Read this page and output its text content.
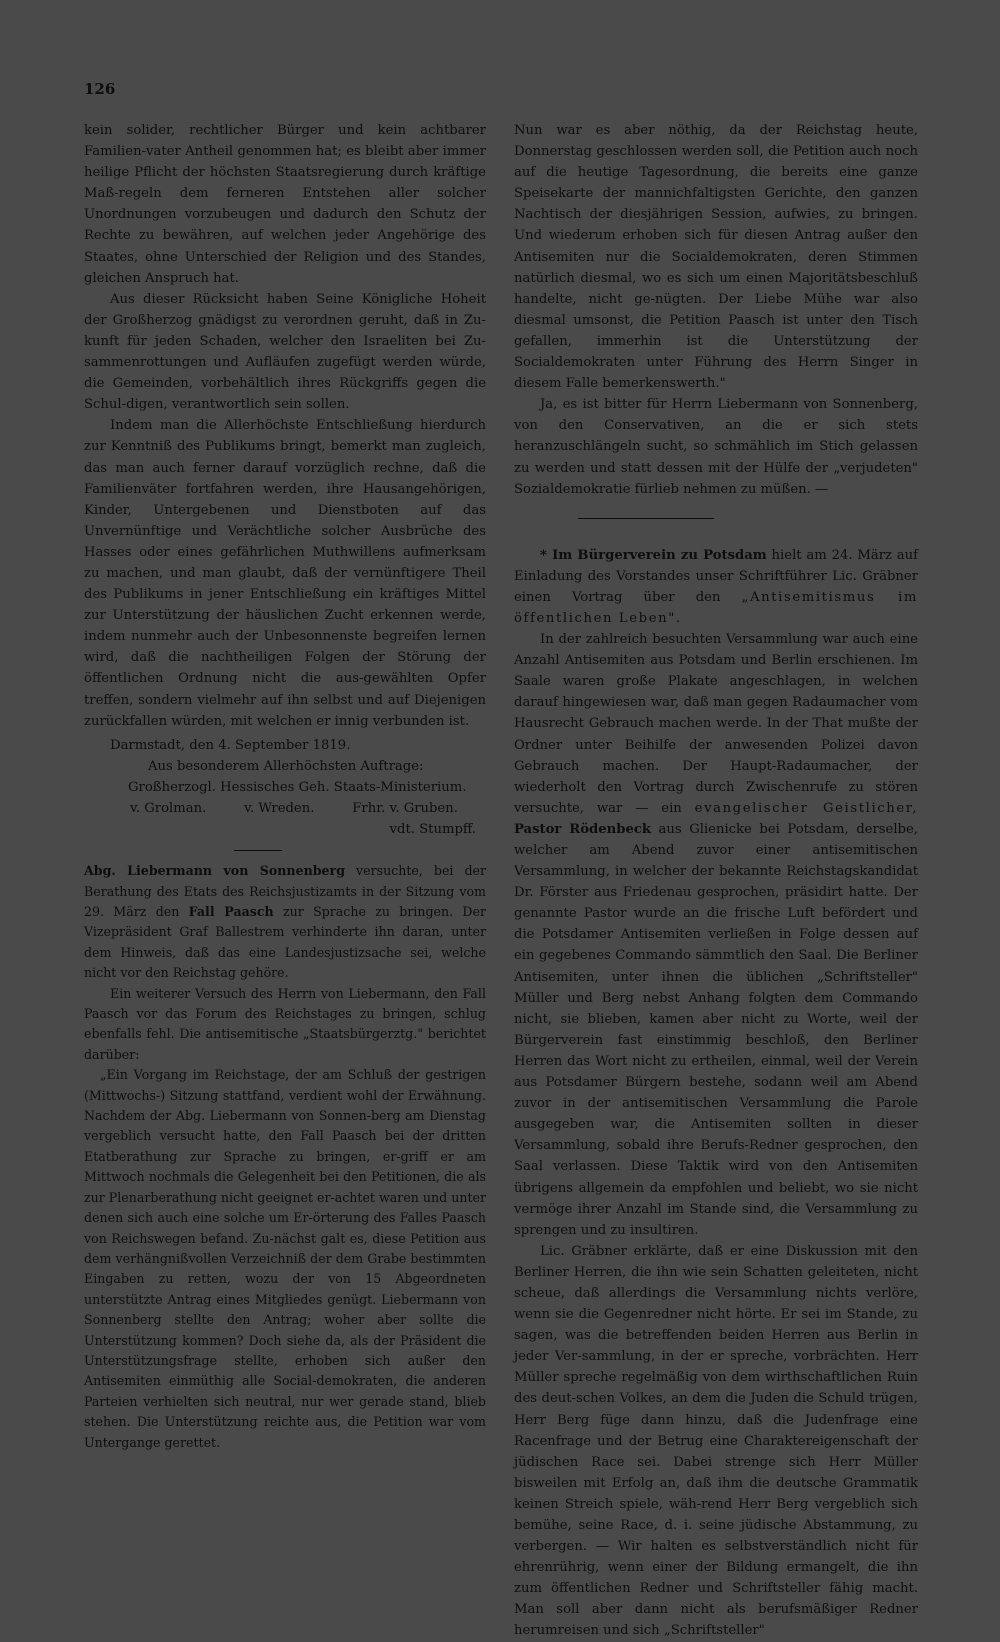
126

kein solider, rechtlicher Bürger und kein achtbarer Familien-vater Antheil genommen hat; es bleibt aber immer heilige Pflicht der höchsten Staatsregierung durch kräftige Maß-regeln dem ferneren Entstehen aller solcher Unordnungen vorzubeugen und dadurch den Schutz der Rechte zu bewähren, auf welchen jeder Angehörige des Staates, ohne Unterschied der Religion und des Standes, gleichen Anspruch hat.

Aus dieser Rücksicht haben Seine Königliche Hoheit der Großherzog gnädigst zu verordnen geruht, daß in Zu-kunft für jeden Schaden, welcher den Israeliten bei Zu-sammenrottungen und Aufläufen zugefügt werden würde, die Gemeinden, vorbehältlich ihres Rückgriffs gegen die Schul-digen, verantwortlich sein sollen.

Indem man die Allerhöchste Entschließung hierdurch zur Kenntniß des Publikums bringt, bemerkt man zugleich, das man auch ferner darauf vorzüglich rechne, daß die Familienväter fortfahren werden, ihre Hausangehörigen, Kinder, Untergebenen und Dienstboten auf das Unvernünftige und Verächtliche solcher Ausbrüche des Hasses oder eines gefährlichen Muthwillens aufmerksam zu machen, und man glaubt, daß der vernünftigere Theil des Publikums in jener Entschließung ein kräftiges Mittel zur Unterstützung der häuslichen Zucht erkennen werde, indem nunmehr auch der Unbesonnenste begreifen lernen wird, daß die nachtheiligen Folgen der Störung der öffentlichen Ordnung nicht die aus-gewählten Opfer treffen, sondern vielmehr auf ihn selbst und auf Diejenigen zurückfallen würden, mit welchen er innig verbunden ist.

Darmstadt, den 4. September 1819.

Aus besonderem Allerhöchsten Auftrage:

Großherzogl. Hessisches Geh. Staats-Ministerium.

v. Grolman.	v. Wreden.	Frhr. v. Gruben.

vdt. Stumpff.

Abg. Liebermann von Sonnenberg versuchte, bei der Berathung des Etats des Reichsjustizamts in der Sitzung vom 29. März den Fall Paasch zur Sprache zu bringen. Der Vizepräsident Graf Ballestrem verhinderte ihn daran, unter dem Hinweis, daß das eine Landesjustizsache sei, welche nicht vor den Reichstag gehöre.

Ein weiterer Versuch des Herrn von Liebermann, den Fall Paasch vor das Forum des Reichstages zu bringen, schlug ebenfalls fehl. Die antisemitische „Staatsbürgerztg." berichtet darüber:

„Ein Vorgang im Reichstage, der am Schluß der gestrigen (Mittwochs-) Sitzung stattfand, verdient wohl der Erwähnung. Nachdem der Abg. Liebermann von Sonnen-berg am Dienstag vergeblich versucht hatte, den Fall Paasch bei der dritten Etatberathung zur Sprache zu bringen, er-griff er am Mittwoch nochmals die Gelegenheit bei den Petitionen, die als zur Plenarberathung nicht geeignet er-achtet waren und unter denen sich auch eine solche um Er-örterung des Falles Paasch von Reichswegen befand. Zu-nächst galt es, diese Petition aus dem verhängnißvollen Verzeichniß der dem Grabe bestimmten Eingaben zu retten, wozu der von 15 Abgeordneten unterstützte Antrag eines Mitgliedes genügt. Liebermann von Sonnenberg stellte den Antrag; woher aber sollte die Unterstützung kommen? Doch siehe da, als der Präsident die Unterstützungsfrage stellte, erhoben sich außer den Antisemiten einmüthig alle Social-demokraten, die anderen Parteien verhielten sich neutral, nur wer gerade stand, blieb stehen. Die Unterstützung reichte aus, die Petition war vom Untergange gerettet.

Nun war es aber nöthig, da der Reichstag heute, Donnerstag geschlossen werden soll, die Petition auch noch auf die heutige Tagesordnung, die bereits eine ganze Speisekarte der mannichfaltigsten Gerichte, den ganzen Nachtisch der diesjährigen Session, aufwies, zu bringen. Und wiederum erhoben sich für diesen Antrag außer den Antisemiten nur die Socialdemokraten, deren Stimmen natürlich diesmal, wo es sich um einen Majoritätsbeschluß handelte, nicht ge-nügten. Der Liebe Mühe war also diesmal umsonst, die Petition Paasch ist unter den Tisch gefallen, immerhin ist die Unterstützung der Socialdemokraten unter Führung des Herrn Singer in diesem Falle bemerkenswerth."

Ja, es ist bitter für Herrn Liebermann von Sonnenberg, von den Conservativen, an die er sich stets heranzuschlängeln sucht, so schmählich im Stich gelassen zu werden und statt dessen mit der Hülfe der „verjudeten" Sozialdemokratie fürlieb nehmen zu müßen. —

* Im Bürgerverein zu Potsdam hielt am 24. März auf Einladung des Vorstandes unser Schriftführer Lic. Gräbner einen Vortrag über den „Antisemitismus im öffentlichen Leben".

In der zahlreich besuchten Versammlung war auch eine Anzahl Antisemiten aus Potsdam und Berlin erschienen. Im Saale waren große Plakate angeschlagen, in welchen darauf hingewiesen war, daß man gegen Radaumacher vom Hausrecht Gebrauch machen werde. In der That mußte der Ordner unter Beihilfe der anwesenden Polizei davon Gebrauch machen. Der Haupt-Radaumacher, der wiederholt den Vortrag durch Zwischenrufe zu stören versuchte, war — ein evangelischer Geistlicher, Pastor Rödenbeck aus Glienicke bei Potsdam, derselbe, welcher am Abend zuvor einer antisemitischen Versammlung, in welcher der bekannte Reichstagskandidat Dr. Förster aus Friedenau gesprochen, präsidirt hatte. Der genannte Pastor wurde an die frische Luft befördert und die Potsdamer Antisemiten verließen in Folge dessen auf ein gegebenes Commando sämmtlich den Saal. Die Berliner Antisemiten, unter ihnen die üblichen „Schriftsteller" Müller und Berg nebst Anhang folgten dem Commando nicht, sie blieben, kamen aber nicht zu Worte, weil der Bürgerverein fast einstimmig beschloß, den Berliner Herren das Wort nicht zu ertheilen, einmal, weil der Verein aus Potsdamer Bürgern bestehe, sodann weil am Abend zuvor in der antisemitischen Versammlung die Parole ausgegeben war, die Antisemiten sollten in dieser Versammlung, sobald ihre Berufs-Redner gesprochen, den Saal verlassen. Diese Taktik wird von den Antisemiten übrigens allgemein da empfohlen und beliebt, wo sie nicht vermöge ihrer Anzahl im Stande sind, die Versammlung zu sprengen und zu insultiren.

Lic. Gräbner erklärte, daß er eine Diskussion mit den Berliner Herren, die ihn wie sein Schatten geleiteten, nicht scheue, daß allerdings die Versammlung nichts verlöre, wenn sie die Gegenredner nicht hörte. Er sei im Stande, zu sagen, was die betreffenden beiden Herren aus Berlin in jeder Ver-sammlung, in der er spreche, vorbrächten. Herr Müller spreche regelmäßig von dem wirthschaftlichen Ruin des deut-schen Volkes, an dem die Juden die Schuld trügen, Herr Berg füge dann hinzu, daß die Judenfrage eine Racenfrage und der Betrug eine Charaktereigenschaft der jüdischen Race sei. Dabei strenge sich Herr Müller bisweilen mit Erfolg an, daß ihm die deutsche Grammatik keinen Streich spiele, wäh-rend Herr Berg vergeblich sich bemühe, seine Race, d. i. seine jüdische Abstammung, zu verbergen. — Wir halten es selbstverständlich nicht für ehrenrührig, wenn einer der Bildung ermangelt, die ihn zum öffentlichen Redner und Schriftsteller fähig macht. Man soll aber dann nicht als berufsmäßiger Redner herumreisen und sich „Schriftsteller"
